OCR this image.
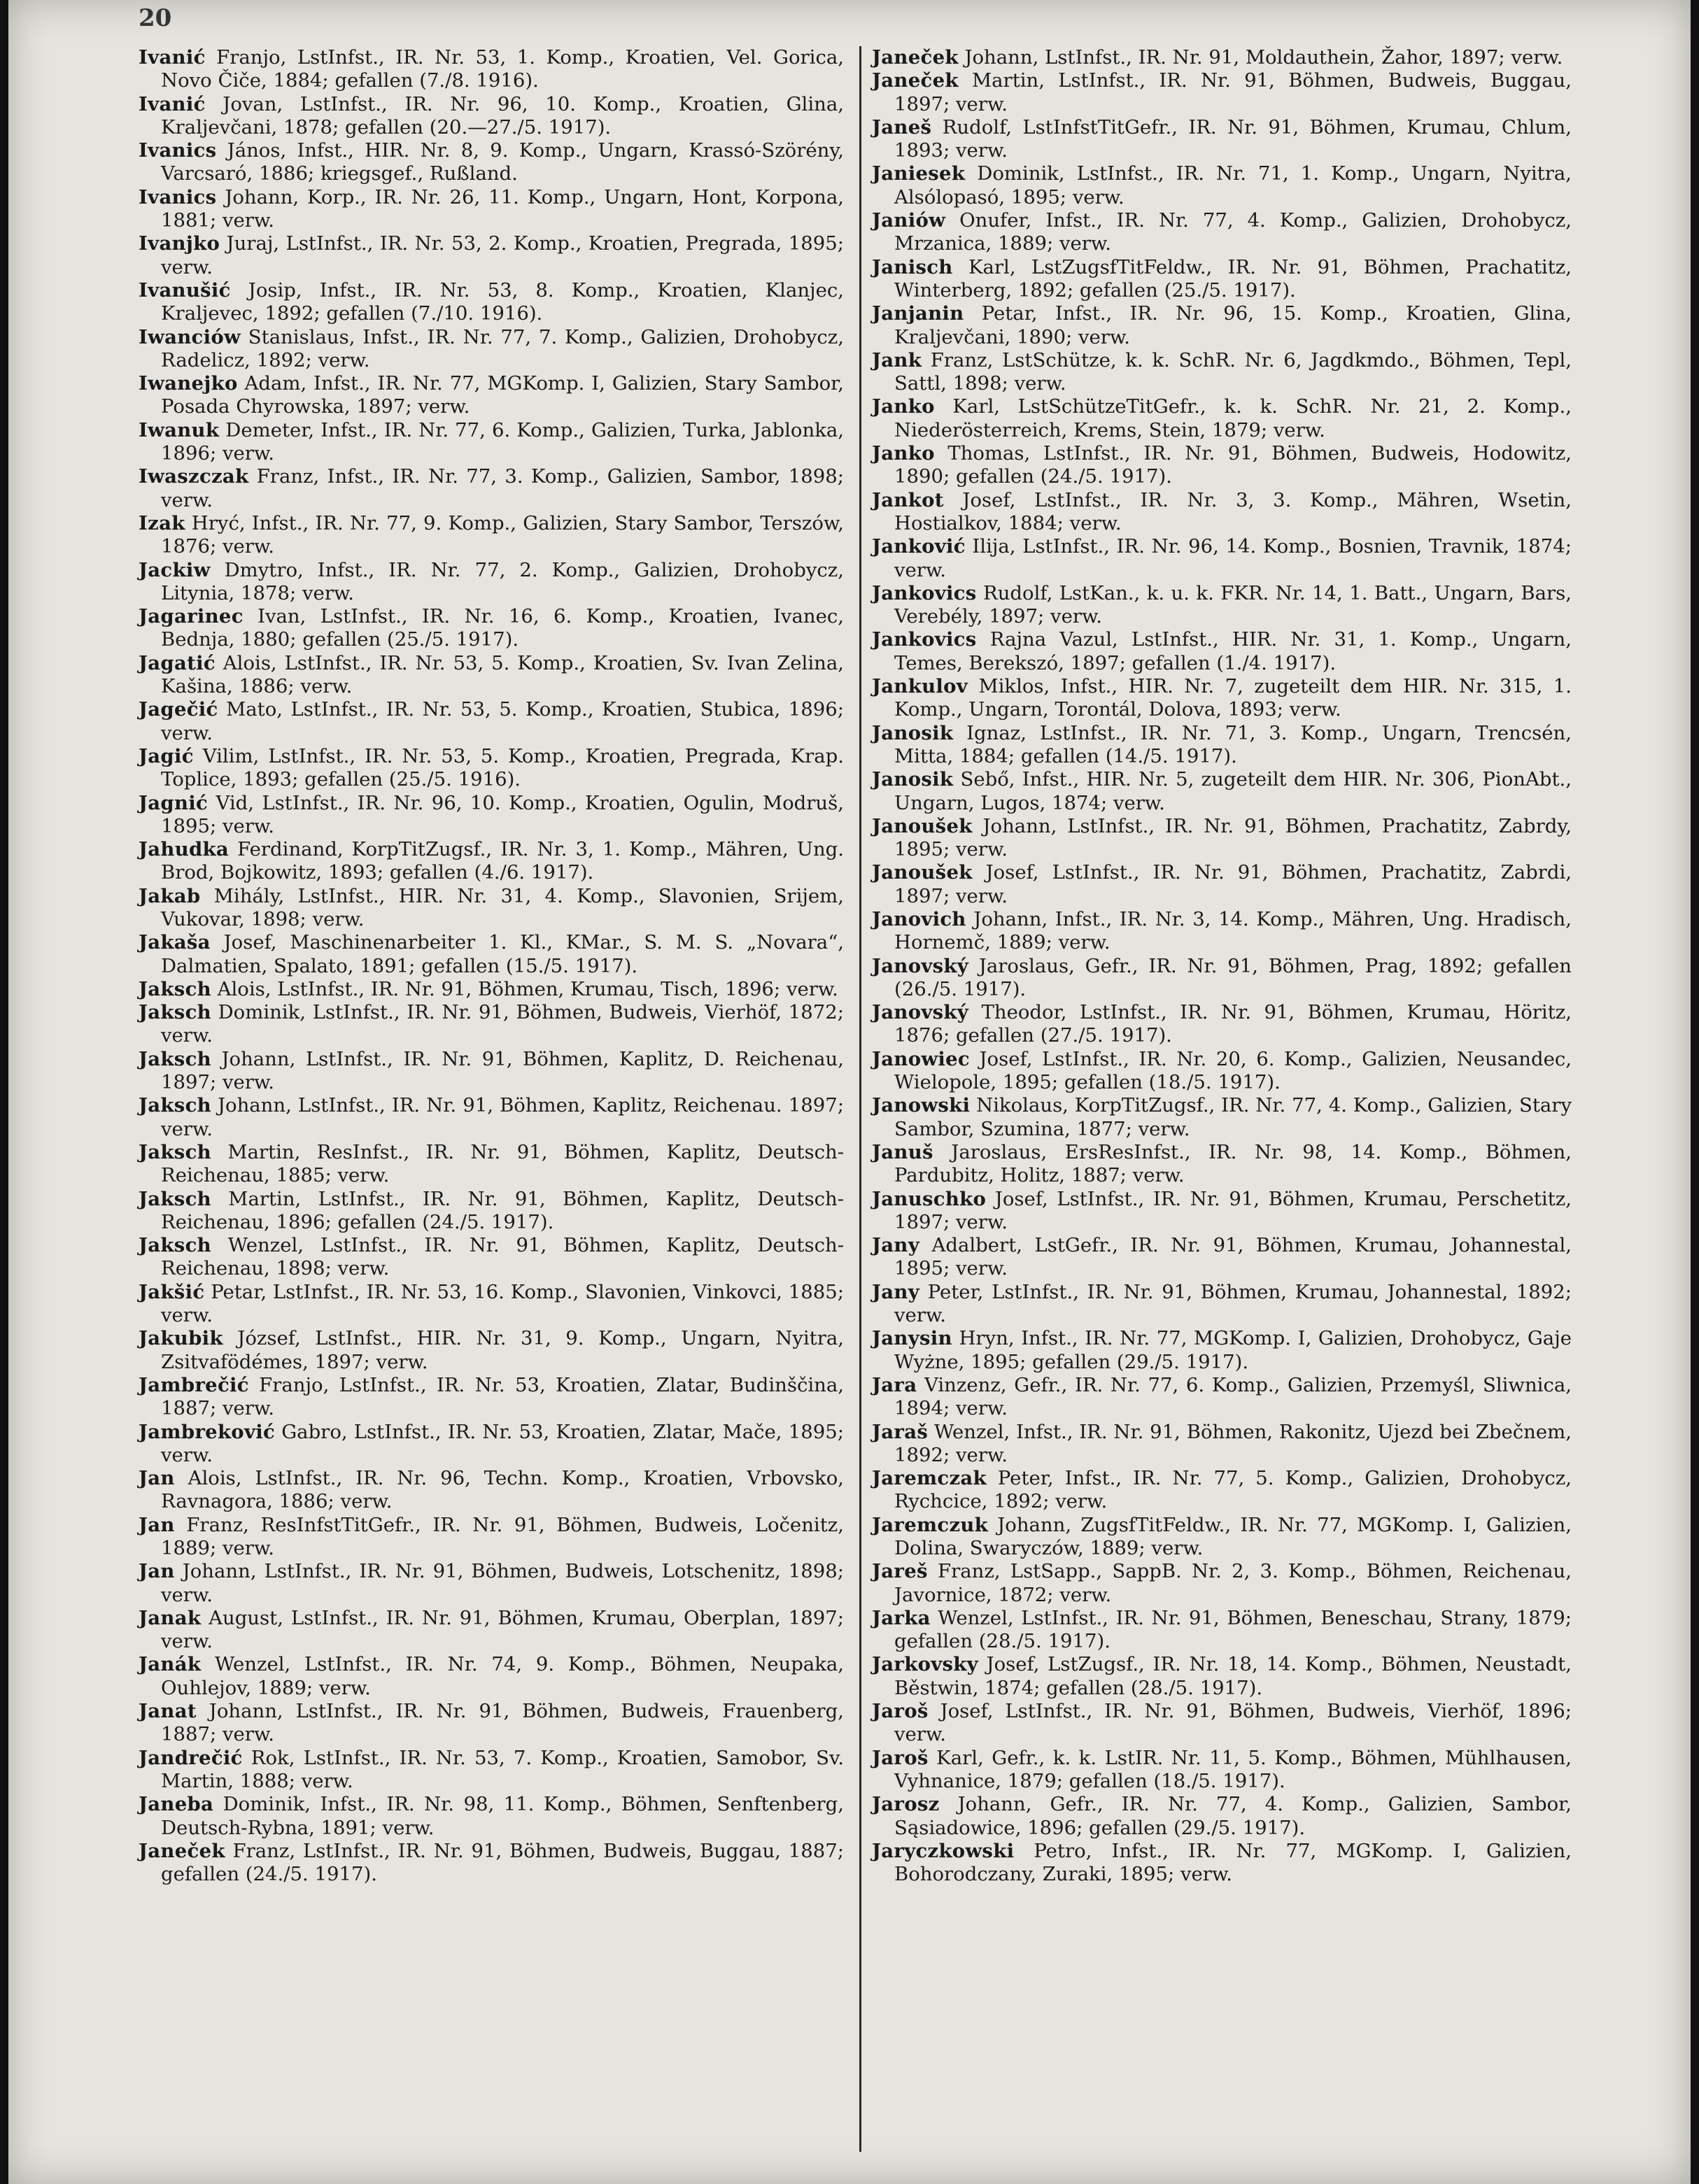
20

Ivanić Franjo, LstInfst., IR. Nr. 53, 1. Komp., Kroatien, Vel. Gorica, Novo Čiče, 1884; gefallen (7./8. 1916).

Ivanić Jovan, LstInfst., IR. Nr. 96, 10. Komp., Kroatien, Glina, Kraljevčani, 1878; gefallen (20.—27./5. 1917).

Ivanics János, Infst., HIR. Nr. 8, 9. Komp., Ungarn, Krassó-Szörény, Varcsaró, 1886; kriegsgef., Rußland.

Ivanics Johann, Korp., IR. Nr. 26, 11. Komp., Ungarn, Hont, Korpona, 1881; verw.

Ivanjko Juraj, LstInfst., IR. Nr. 53, 2. Komp., Kroatien, Pregrada, 1895; verw.

Ivanušić Josip, Infst., IR. Nr. 53, 8. Komp., Kroatien, Klanjec, Kraljevec, 1892; gefallen (7./10. 1916).

Iwanciów Stanislaus, Infst., IR. Nr. 77, 7. Komp., Galizien, Drohobycz, Radelicz, 1892; verw.

Iwanejko Adam, Infst., IR. Nr. 77, MGKomp. I, Galizien, Stary Sambor, Posada Chyrowska, 1897; verw.

Iwanuk Demeter, Infst., IR. Nr. 77, 6. Komp., Galizien, Turka, Jablonka, 1896; verw.

Iwaszczak Franz, Infst., IR. Nr. 77, 3. Komp., Galizien, Sambor, 1898; verw.

Izak Hryć, Infst., IR. Nr. 77, 9. Komp., Galizien, Stary Sambor, Terszów, 1876; verw.

Jackiw Dmytro, Infst., IR. Nr. 77, 2. Komp., Galizien, Drohobycz, Litynia, 1878; verw.

Jagarinec Ivan, LstInfst., IR. Nr. 16, 6. Komp., Kroatien, Ivanec, Bednja, 1880; gefallen (25./5. 1917).

Jagatić Alois, LstInfst., IR. Nr. 53, 5. Komp., Kroatien, Sv. Ivan Zelina, Kašina, 1886; verw.

Jagečić Mato, LstInfst., IR. Nr. 53, 5. Komp., Kroatien, Stubica, 1896; verw.

Jagić Vilim, LstInfst., IR. Nr. 53, 5. Komp., Kroatien, Pregrada, Krap. Toplice, 1893; gefallen (25./5. 1916).

Jagnić Vid, LstInfst., IR. Nr. 96, 10. Komp., Kroatien, Ogulin, Modruš, 1895; verw.

Jahudka Ferdinand, KorpTitZugsf., IR. Nr. 3, 1. Komp., Mähren, Ung. Brod, Bojkowitz, 1893; gefallen (4./6. 1917).

Jakab Mihály, LstInfst., HIR. Nr. 31, 4. Komp., Slavonien, Srijem, Vukovar, 1898; verw.

Jakaša Josef, Maschinenarbeiter 1. Kl., KMar., S. M. S. „Novara“, Dalmatien, Spalato, 1891; gefallen (15./5. 1917).

Jaksch Alois, LstInfst., IR. Nr. 91, Böhmen, Krumau, Tisch, 1896; verw.

Jaksch Dominik, LstInfst., IR. Nr. 91, Böhmen, Budweis, Vierhöf, 1872; verw.

Jaksch Johann, LstInfst., IR. Nr. 91, Böhmen, Kaplitz, D. Reichenau, 1897; verw.

Jaksch Johann, LstInfst., IR. Nr. 91, Böhmen, Kaplitz, Reichenau. 1897; verw.

Jaksch Martin, ResInfst., IR. Nr. 91, Böhmen, Kaplitz, Deutsch-Reichenau, 1885; verw.

Jaksch Martin, LstInfst., IR. Nr. 91, Böhmen, Kaplitz, Deutsch-Reichenau, 1896; gefallen (24./5. 1917).

Jaksch Wenzel, LstInfst., IR. Nr. 91, Böhmen, Kaplitz, Deutsch-Reichenau, 1898; verw.

Jakšić Petar, LstInfst., IR. Nr. 53, 16. Komp., Slavonien, Vinkovci, 1885; verw.

Jakubik József, LstInfst., HIR. Nr. 31, 9. Komp., Ungarn, Nyitra, Zsitvafödémes, 1897; verw.

Jambrečić Franjo, LstInfst., IR. Nr. 53, Kroatien, Zlatar, Budinščina, 1887; verw.

Jambreković Gabro, LstInfst., IR. Nr. 53, Kroatien, Zlatar, Mače, 1895; verw.

Jan Alois, LstInfst., IR. Nr. 96, Techn. Komp., Kroatien, Vrbovsko, Ravnagora, 1886; verw.

Jan Franz, ResInfstTitGefr., IR. Nr. 91, Böhmen, Budweis, Ločenitz, 1889; verw.

Jan Johann, LstInfst., IR. Nr. 91, Böhmen, Budweis, Lotschenitz, 1898; verw.

Janak August, LstInfst., IR. Nr. 91, Böhmen, Krumau, Oberplan, 1897; verw.

Janák Wenzel, LstInfst., IR. Nr. 74, 9. Komp., Böhmen, Neupaka, Ouhlejov, 1889; verw.

Janat Johann, LstInfst., IR. Nr. 91, Böhmen, Budweis, Frauenberg, 1887; verw.

Jandrečić Rok, LstInfst., IR. Nr. 53, 7. Komp., Kroatien, Samobor, Sv. Martin, 1888; verw.

Janeba Dominik, Infst., IR. Nr. 98, 11. Komp., Böhmen, Senftenberg, Deutsch-Rybna, 1891; verw.

Janeček Franz, LstInfst., IR. Nr. 91, Böhmen, Budweis, Buggau, 1887; gefallen (24./5. 1917).

Janeček Johann, LstInfst., IR. Nr. 91, Moldauthein, Žahor, 1897; verw.

Janeček Martin, LstInfst., IR. Nr. 91, Böhmen, Budweis, Buggau, 1897; verw.

Janeš Rudolf, LstInfstTitGefr., IR. Nr. 91, Böhmen, Krumau, Chlum, 1893; verw.

Janiesek Dominik, LstInfst., IR. Nr. 71, 1. Komp., Ungarn, Nyitra, Alsólopasó, 1895; verw.

Janiów Onufer, Infst., IR. Nr. 77, 4. Komp., Galizien, Drohobycz, Mrzanica, 1889; verw.

Janisch Karl, LstZugsfTitFeldw., IR. Nr. 91, Böhmen, Prachatitz, Winterberg, 1892; gefallen (25./5. 1917).

Janjanin Petar, Infst., IR. Nr. 96, 15. Komp., Kroatien, Glina, Kraljevčani, 1890; verw.

Jank Franz, LstSchütze, k. k. SchR. Nr. 6, Jagdkmdo., Böhmen, Tepl, Sattl, 1898; verw.

Janko Karl, LstSchützeTitGefr., k. k. SchR. Nr. 21, 2. Komp., Niederösterreich, Krems, Stein, 1879; verw.

Janko Thomas, LstInfst., IR. Nr. 91, Böhmen, Budweis, Hodowitz, 1890; gefallen (24./5. 1917).

Jankot Josef, LstInfst., IR. Nr. 3, 3. Komp., Mähren, Wsetin, Hostialkov, 1884; verw.

Janković Ilija, LstInfst., IR. Nr. 96, 14. Komp., Bosnien, Travnik, 1874; verw.

Jankovics Rudolf, LstKan., k. u. k. FKR. Nr. 14, 1. Batt., Ungarn, Bars, Verebély, 1897; verw.

Jankovics Rajna Vazul, LstInfst., HIR. Nr. 31, 1. Komp., Ungarn, Temes, Berekszó, 1897; gefallen (1./4. 1917).

Jankulov Miklos, Infst., HIR. Nr. 7, zugeteilt dem HIR. Nr. 315, 1. Komp., Ungarn, Torontál, Dolova, 1893; verw.

Janosik Ignaz, LstInfst., IR. Nr. 71, 3. Komp., Ungarn, Trencsén, Mitta, 1884; gefallen (14./5. 1917).

Janosik Sebő, Infst., HIR. Nr. 5, zugeteilt dem HIR. Nr. 306, PionAbt., Ungarn, Lugos, 1874; verw.

Janoušek Johann, LstInfst., IR. Nr. 91, Böhmen, Prachatitz, Zabrdy, 1895; verw.

Janoušek Josef, LstInfst., IR. Nr. 91, Böhmen, Prachatitz, Zabrdi, 1897; verw.

Janovich Johann, Infst., IR. Nr. 3, 14. Komp., Mähren, Ung. Hradisch, Hornemč, 1889; verw.

Janovský Jaroslaus, Gefr., IR. Nr. 91, Böhmen, Prag, 1892; gefallen (26./5. 1917).

Janovský Theodor, LstInfst., IR. Nr. 91, Böhmen, Krumau, Höritz, 1876; gefallen (27./5. 1917).

Janowiec Josef, LstInfst., IR. Nr. 20, 6. Komp., Galizien, Neusandec, Wielopole, 1895; gefallen (18./5. 1917).

Janowski Nikolaus, KorpTitZugsf., IR. Nr. 77, 4. Komp., Galizien, Stary Sambor, Szumina, 1877; verw.

Januš Jaroslaus, ErsResInfst., IR. Nr. 98, 14. Komp., Böhmen, Pardubitz, Holitz, 1887; verw.

Januschko Josef, LstInfst., IR. Nr. 91, Böhmen, Krumau, Perschetitz, 1897; verw.

Jany Adalbert, LstGefr., IR. Nr. 91, Böhmen, Krumau, Johannestal, 1895; verw.

Jany Peter, LstInfst., IR. Nr. 91, Böhmen, Krumau, Johannestal, 1892; verw.

Janysin Hryn, Infst., IR. Nr. 77, MGKomp. I, Galizien, Drohobycz, Gaje Wyżne, 1895; gefallen (29./5. 1917).

Jara Vinzenz, Gefr., IR. Nr. 77, 6. Komp., Galizien, Przemyśl, Sliwnica, 1894; verw.

Jaraš Wenzel, Infst., IR. Nr. 91, Böhmen, Rakonitz, Ujezd bei Zbečnem, 1892; verw.

Jaremczak Peter, Infst., IR. Nr. 77, 5. Komp., Galizien, Drohobycz, Rychcice, 1892; verw.

Jaremczuk Johann, ZugsfTitFeldw., IR. Nr. 77, MGKomp. I, Galizien, Dolina, Swaryczów, 1889; verw.

Jareš Franz, LstSapp., SappB. Nr. 2, 3. Komp., Böhmen, Reichenau, Javornice, 1872; verw.

Jarka Wenzel, LstInfst., IR. Nr. 91, Böhmen, Beneschau, Strany, 1879; gefallen (28./5. 1917).

Jarkovsky Josef, LstZugsf., IR. Nr. 18, 14. Komp., Böhmen, Neustadt, Běstwin, 1874; gefallen (28./5. 1917).

Jaroš Josef, LstInfst., IR. Nr. 91, Böhmen, Budweis, Vierhöf, 1896; verw.

Jaroš Karl, Gefr., k. k. LstIR. Nr. 11, 5. Komp., Böhmen, Mühlhausen, Vyhnanice, 1879; gefallen (18./5. 1917).

Jarosz Johann, Gefr., IR. Nr. 77, 4. Komp., Galizien, Sambor, Sąsiadowice, 1896; gefallen (29./5. 1917).

Jaryczkowski Petro, Infst., IR. Nr. 77, MGKomp. I, Galizien, Bohorodczany, Zuraki, 1895; verw.
